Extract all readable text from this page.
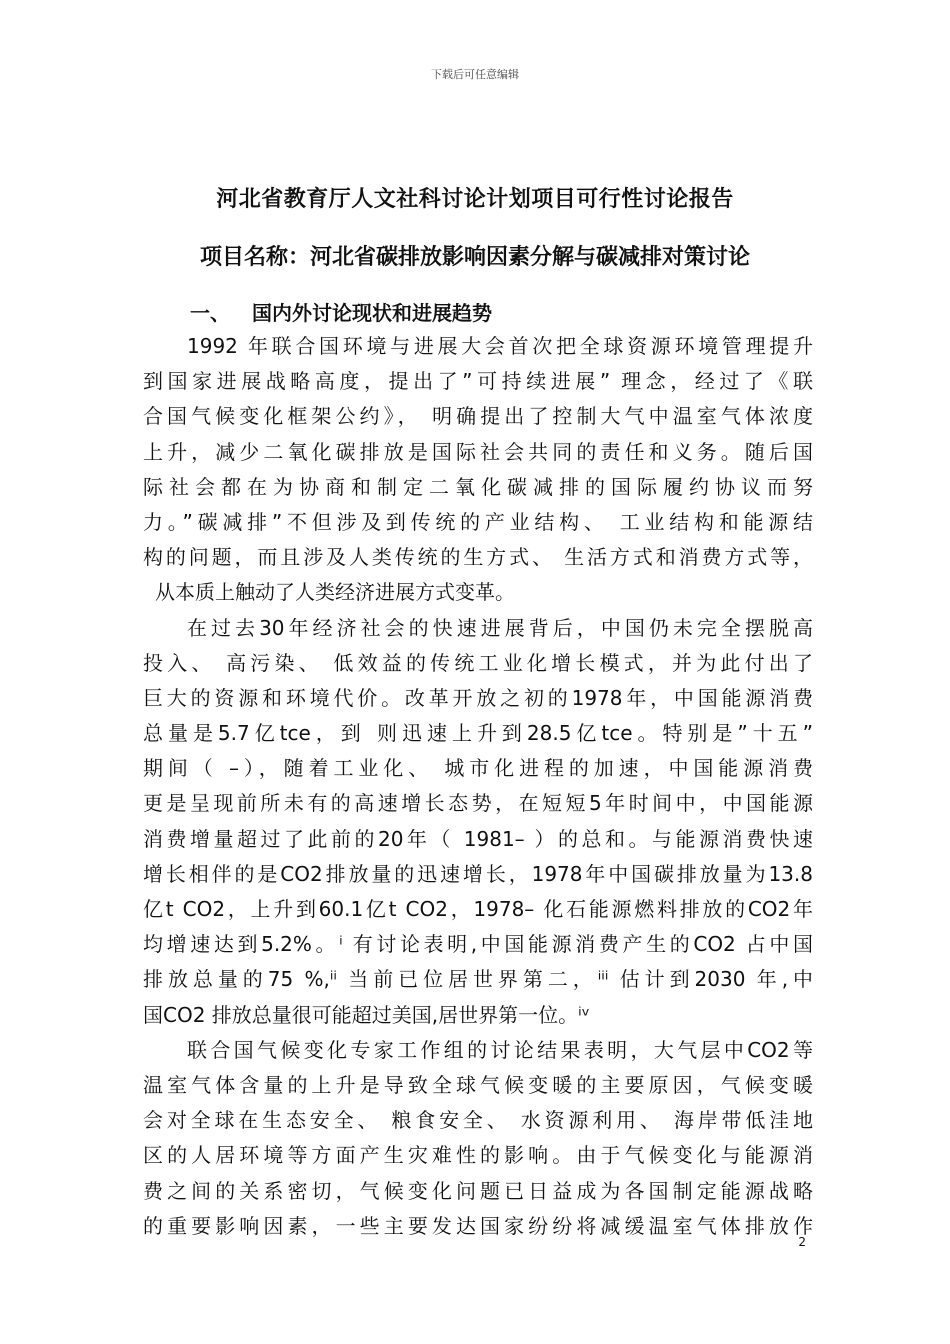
下载后可任意编辑
河北省教育厅人文社科讨论计划项目可行性讨论报告
项目名称：河北省碳排放影响因素分解与碳减排对策讨论
一、 国内外讨论现状和进展趋势
1992 年联合国环境与进展大会首次把全球资源环境管理提升
到国家进展战略高度，提出了”可持续进展” 理念，经过了《联
合国气候变化框架公约》， 明确提出了控制大气中温室气体浓度
上升，减少二氧化碳排放是国际社会共同的责任和义务。随后国
际社会都在为协商和制定二氧化碳减排的国际履约协议而努
力。”碳减排”不但涉及到传统的产业结构、 工业结构和能源结
构的问题，而且涉及人类传统的生方式、 生活方式和消费方式等，
从本质上触动了人类经济进展方式变革。
在过去30年经济社会的快速进展背后，中国仍未完全摆脱高
投入、 高污染、 低效益的传统工业化增长模式，并为此付出了
巨大的资源和环境代价。改革开放之初的1978年，中国能源消费
总量是5.7亿tce，到 则迅速上升到28.5亿tce。特别是”十五”
期间（ –），随着工业化、 城市化进程的加速，中国能源消费
更是呈现前所未有的高速增长态势，在短短5年时间中，中国能源
消费增量超过了此前的20年（ 1981– ）的总和。与能源消费快速
增长相伴的是CO2排放量的迅速增长，1978年中国碳排放量为13.8
亿t CO2，上升到60.1亿t CO2，1978– 化石能源燃料排放的CO2年
均增速达到5.2%。ⁱ 有讨论表明,中国能源消费产生的CO2 占中国
排放总量的75 %,ⁱⁱ 当前已位居世界第二，ⁱⁱⁱ 估计到2030 年,中
国CO2 排放总量很可能超过美国,居世界第一位。ⁱᵛ
联合国气候变化专家工作组的讨论结果表明，大气层中CO2等
温室气体含量的上升是导致全球气候变暖的主要原因，气候变暖
会对全球在生态安全、 粮食安全、 水资源利用、 海岸带低洼地
区的人居环境等方面产生灾难性的影响。由于气候变化与能源消
费之间的关系密切，气候变化问题已日益成为各国制定能源战略
的重要影响因素，一些主要发达国家纷纷将减缓温室气体排放作
2
